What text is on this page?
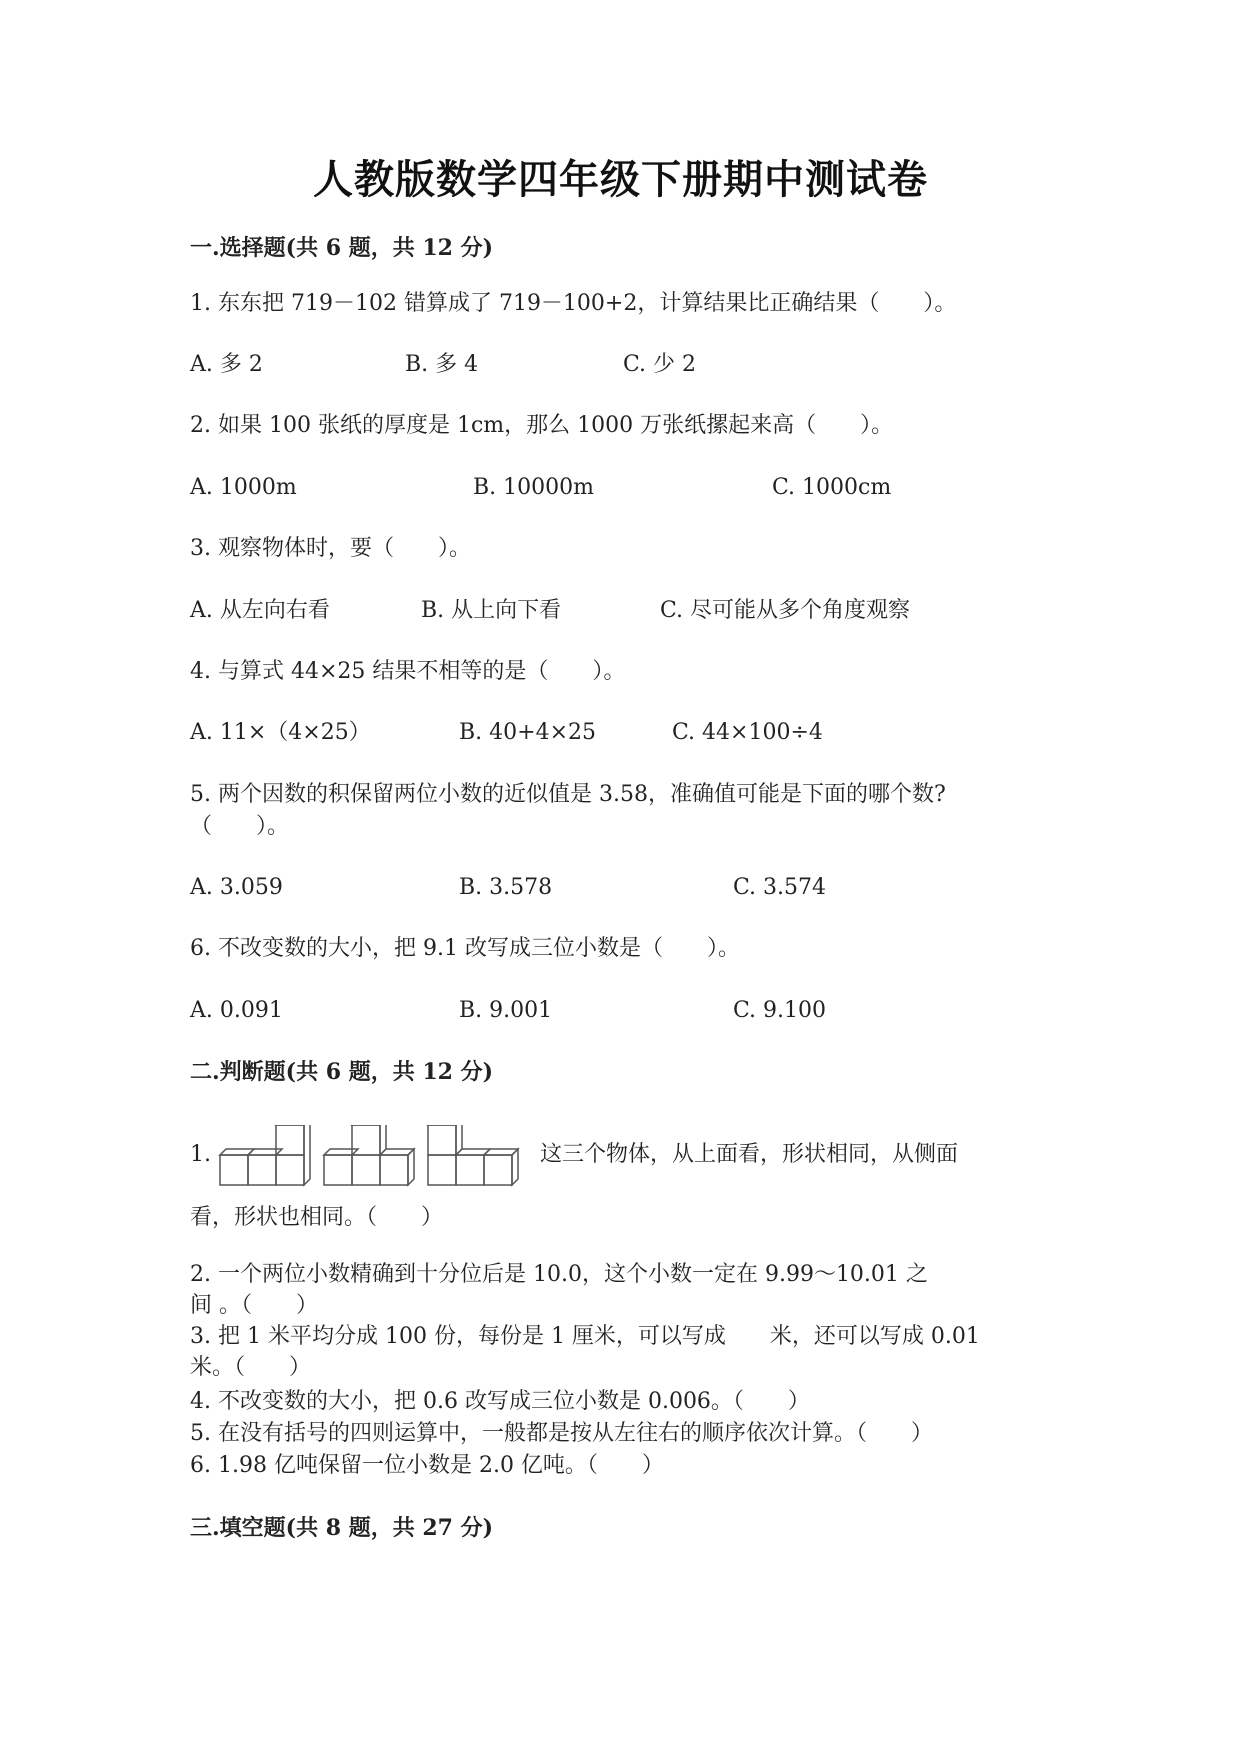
人教版数学四年级下册期中测试卷
一.选择题(共 6 题，共 12 分)
1. 东东把 719－102 错算成了 719－100+2，计算结果比正确结果（　　）。
A. 多 2	B. 多 4	C. 少 2
2. 如果 100 张纸的厚度是 1cm，那么 1000 万张纸摞起来高（　　）。
A. 1000m	B. 10000m	C. 1000cm
3. 观察物体时，要（　　）。
A. 从左向右看	B. 从上向下看	C. 尽可能从多个角度观察
4. 与算式 44×25 结果不相等的是（　　）。
A. 11×（4×25）	B. 40+4×25	C. 44×100÷4
5. 两个因数的积保留两位小数的近似值是 3.58，准确值可能是下面的哪个数?
（　　）。
A. 3.059	B. 3.578	C. 3.574
6. 不改变数的大小，把 9.1 改写成三位小数是（　　）。
A. 0.091	B. 9.001	C. 9.100
二.判断题(共 6 题，共 12 分)
1.	这三个物体，从上面看，形状相同，从侧面
看，形状也相同。（　　）
2. 一个两位小数精确到十分位后是 10.0，这个小数一定在 9.99～10.01 之
间 。（　　）
3. 把 1 米平均分成 100 份，每份是 1 厘米，可以写成　　米，还可以写成 0.01
米。（　　）
4. 不改变数的大小，把 0.6 改写成三位小数是 0.006。（　　）
5. 在没有括号的四则运算中，一般都是按从左往右的顺序依次计算。（　　）
6. 1.98 亿吨保留一位小数是 2.0 亿吨。（　　）
三.填空题(共 8 题，共 27 分)
